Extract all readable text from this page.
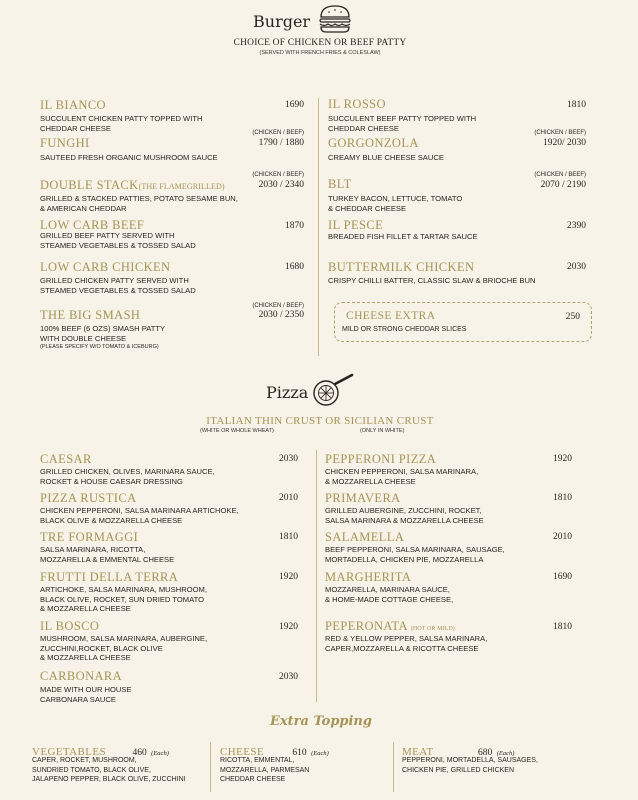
Burger
CHOICE OF CHICKEN OR BEEF PATTY
(SERVED WITH FRENCH FRIES & COLESLAW)
IL BIANCO	1690
SUCCULENT CHICKEN PATTY TOPPED WITH
CHEDDAR CHEESE
(CHICKEN / BEEF)
FUNGHI	1790 / 1880
SAUTEED FRESH ORGANIC MUSHROOM SAUCE
(CHICKEN / BEEF)
DOUBLE STACK(THE FLAMEGRILLED)	2030 / 2340
GRILLED & STACKED PATTIES, POTATO SESAME BUN,
& AMERICAN CHEDDAR
LOW CARB BEEF	1870
GRILLED BEEF PATTY SERVED WITH
STEAMED VEGETABLES & TOSSED SALAD
LOW CARB CHICKEN	1680
GRILLED CHICKEN PATTY SERVED WITH
STEAMED VEGETABLES & TOSSED SALAD
(CHICKEN / BEEF)
THE BIG SMASH	2030 / 2350
100% BEEF (6 OZS) SMASH PATTY
WITH DOUBLE CHEESE
(PLEASE SPECIFY W/O TOMATO & ICEBURG)
IL ROSSO	1810
SUCCULENT BEEF PATTY TOPPED WITH
CHEDDAR CHEESE
(CHICKEN / BEEF)
GORGONZOLA	1920/ 2030
CREAMY BLUE CHEESE SAUCE
(CHICKEN / BEEF)
BLT	2070 / 2190
TURKEY BACON, LETTUCE, TOMATO
& CHEDDAR CHEESE
IL PESCE	2390
BREADED FISH FILLET & TARTAR SAUCE
BUTTERMILK CHICKEN	2030
CRISPY CHILLI BATTER, CLASSIC SLAW & BRIOCHE BUN
CHEESE EXTRA	250
MILD OR STRONG CHEDDAR SLICES
Pizza
ITALIAN THIN CRUST OR SICILIAN CRUST
(WHITE OR WHOLE WHEAT)	(ONLY IN WHITE)
CAESAR	2030
GRILLED CHICKEN, OLIVES, MARINARA SAUCE,
ROCKET & HOUSE CAESAR DRESSING
PIZZA RUSTICA	2010
CHICKEN PEPPERONI, SALSA MARINARA ARTICHOKE,
BLACK OLIVE & MOZZARELLA CHEESE
TRE FORMAGGI	1810
SALSA MARINARA, RICOTTA,
MOZZARELLA & EMMENTAL CHEESE
FRUTTI DELLA TERRA	1920
ARTICHOKE, SALSA MARINARA, MUSHROOM,
BLACK OLIVE, ROCKET, SUN DRIED TOMATO
& MOZZARELLA CHEESE
IL BOSCO	1920
MUSHROOM, SALSA MARINARA, AUBERGINE,
ZUCCHINI,ROCKET, BLACK OLIVE
& MOZZARELLA CHEESE
CARBONARA	2030
MADE WITH OUR HOUSE
CARBONARA SAUCE
PEPPERONI PIZZA	1920
CHICKEN PEPPERONI, SALSA MARINARA,
& MOZZARELLA CHEESE
PRIMAVERA	1810
GRILLED AUBERGINE, ZUCCHINI, ROCKET,
SALSA MARINARA & MOZZARELLA CHEESE
SALAMELLA	2010
BEEF PEPPERONI, SALSA MARINARA, SAUSAGE,
MORTADELLA, CHICKEN PIE, MOZZARELLA
MARGHERITA	1690
MOZZARELLA, MARINARA SAUCE,
& HOME-MADE COTTAGE CHEESE,
PEPERONATA (HOT OR MILD)	1810
RED & YELLOW PEPPER, SALSA MARINARA,
CAPER,MOZZARELLA & RICOTTA CHEESE
Extra Topping
VEGETABLES	460 (Each)
CAPER, ROCKET, MUSHROOM,
SUNDRIED TOMATO, BLACK OLIVE,
JALAPENO PEPPER, BLACK OLIVE, ZUCCHINI
CHEESE	610 (Each)
RICOTTA, EMMENTAL,
MOZZARELLA, PARMESAN
CHEDDAR CHEESE
MEAT	680 (Each)
PEPPERONI, MORTADELLA, SAUSAGES,
CHICKEN PIE, GRILLED CHICKEN
